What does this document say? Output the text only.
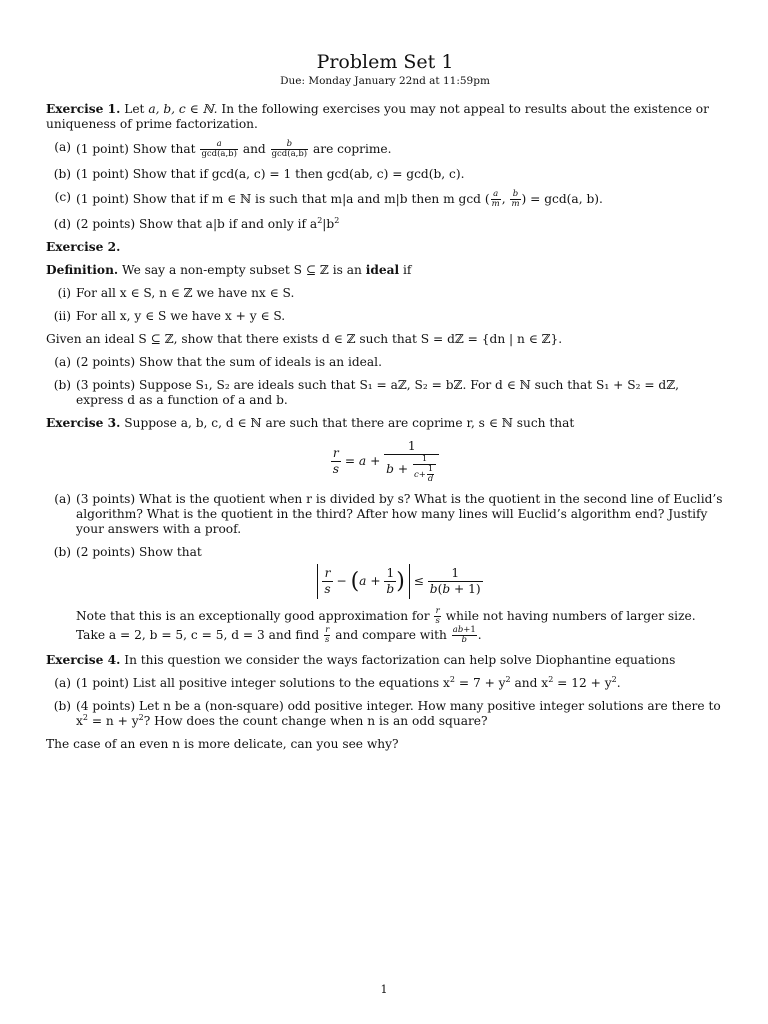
Problem Set 1
Due: Monday January 22nd at 11:59pm

Exercise 1. Let a, b, c ∈ ℕ. In the following exercises you may not appeal to results about the existence or uniqueness of prime factorization.

(a) (1 point) Show that $\frac{a}{\gcd(a,b)}$ and $\frac{b}{\gcd(a,b)}$ are coprime.
(b) (1 point) Show that if gcd(a, c) = 1 then gcd(ab, c) = gcd(b, c).
(c) (1 point) Show that if m ∈ ℕ is such that m|a and m|b then m gcd ( $\frac{a}{m}$ , $\frac{b}{m}$ ) = gcd(a, b).
(d) (2 points) Show that a|b if and only if $a^2|b^2$

Exercise 2.

Definition. We say a non-empty subset S ⊆ ℤ is an ideal if

(i) For all x ∈ S, n ∈ ℤ we have nx ∈ S.
(ii) For all x, y ∈ S we have x + y ∈ S.

Given an ideal S ⊆ ℤ, show that there exists d ∈ ℤ such that S = dℤ = {dn | n ∈ ℤ}.

(a) (2 points) Show that the sum of ideals is an ideal.
(b) (3 points) Suppose S₁, S₂ are ideals such that S₁ = aℤ, S₂ = bℤ. For d ∈ ℕ such that S₁ + S₂ = dℤ, express d as a function of a and b.

Exercise 3. Suppose a, b, c, d ∈ ℕ are such that there are coprime r, s ∈ ℕ such that

$\frac{r}{s} = a + \frac{1}{b + \frac{1}{c+ \frac{1}{d}}}$
(a) (3 points) What is the quotient when r is divided by s? What is the quotient in the second line of Euclid’s algorithm? What is the quotient in the third? After how many lines will Euclid’s algorithm end? Justify your answers with a proof.
(b) (2 points) Show that
$\frac{r}{s} - (a + \frac{1}{b}$ ) ≤ $\frac{1}{b(b + 1)}$
Note that this is an exceptionally good approximation for $\frac{r}{s}$ while not having numbers of larger size. Take a = 2, b = 5, c = 5, d = 3 and find $\frac{r}{s}$ and compare with $\frac{ab+1}{b}$ .

Exercise 4. In this question we consider the ways factorization can help solve Diophantine equations

(a) (1 point) List all positive integer solutions to the equations $x^2 = 7 + y^2$ and $x^2 = 12 + y^2$.
(b) (4 points) Let n be a (non-square) odd positive integer. How many positive integer solutions are there to $x^2 = n + y^2$? How does the count change when n is an odd square?

The case of an even n is more delicate, can you see why?

1
